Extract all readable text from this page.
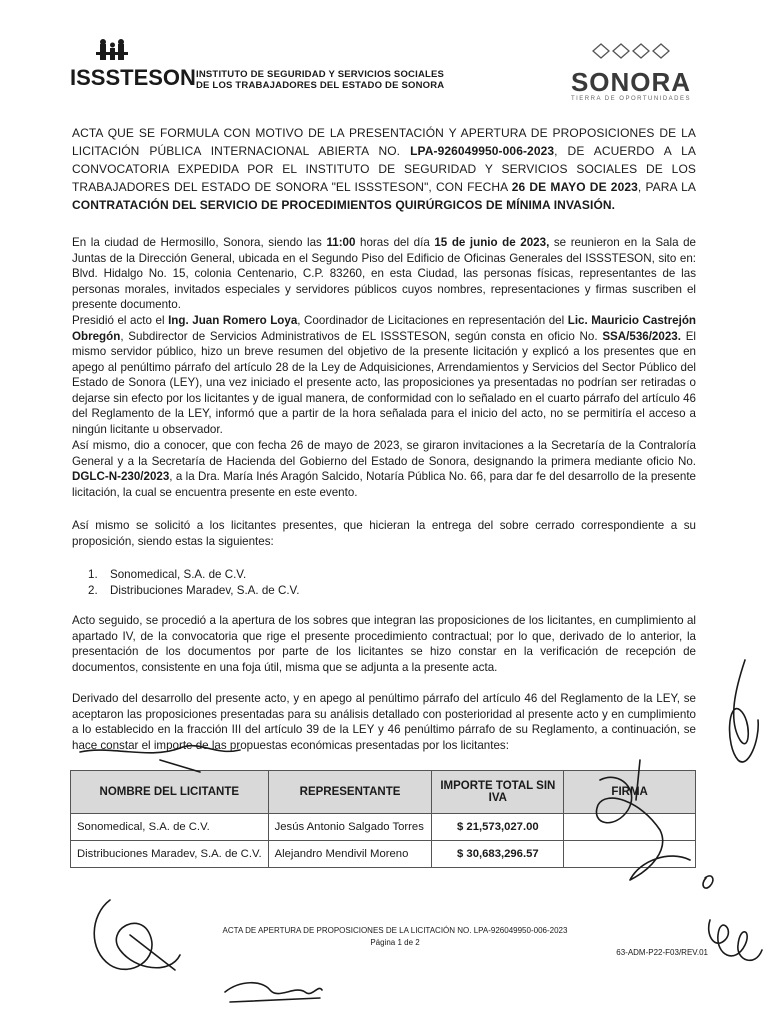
ISSSTESON INSTITUTO DE SEGURIDAD Y SERVICIOS SOCIALES
DE LOS TRABAJADORES DEL ESTADO DE SONORA	SONORA
TIERRA DE OPORTUNIDADES
ACTA QUE SE FORMULA CON MOTIVO DE LA PRESENTACIÓN Y APERTURA DE PROPOSICIONES DE LA LICITACIÓN PÚBLICA INTERNACIONAL ABIERTA NO. LPA-926049950-006-2023, DE ACUERDO A LA CONVOCATORIA EXPEDIDA POR EL INSTITUTO DE SEGURIDAD Y SERVICIOS SOCIALES DE LOS TRABAJADORES DEL ESTADO DE SONORA "EL ISSSTESON", CON FECHA 26 DE MAYO DE 2023, PARA LA CONTRATACIÓN DEL SERVICIO DE PROCEDIMIENTOS QUIRÚRGICOS DE MÍNIMA INVASIÓN.
En la ciudad de Hermosillo, Sonora, siendo las 11:00 horas del día 15 de junio de 2023, se reunieron en la Sala de Juntas de la Dirección General, ubicada en el Segundo Piso del Edificio de Oficinas Generales del ISSSTESON, sito en: Blvd. Hidalgo No. 15, colonia Centenario, C.P. 83260, en esta Ciudad, las personas físicas, representantes de las personas morales, invitados especiales y servidores públicos cuyos nombres, representaciones y firmas suscriben el presente documento.
Presidió el acto el Ing. Juan Romero Loya, Coordinador de Licitaciones en representación del Lic. Mauricio Castrejón Obregón, Subdirector de Servicios Administrativos de EL ISSSTESON, según consta en oficio No. SSA/536/2023. El mismo servidor público, hizo un breve resumen del objetivo de la presente licitación y explicó a los presentes que en apego al penúltimo párrafo del artículo 28 de la Ley de Adquisiciones, Arrendamientos y Servicios del Sector Público del Estado de Sonora (LEY), una vez iniciado el presente acto, las proposiciones ya presentadas no podrían ser retiradas o dejarse sin efecto por los licitantes y de igual manera, de conformidad con lo señalado en el cuarto párrafo del artículo 46 del Reglamento de la LEY, informó que a partir de la hora señalada para el inicio del acto, no se permitiría el acceso a ningún licitante u observador.
Así mismo, dio a conocer, que con fecha 26 de mayo de 2023, se giraron invitaciones a la Secretaría de la Contraloría General y a la Secretaría de Hacienda del Gobierno del Estado de Sonora, designando la primera mediante oficio No. DGLC-N-230/2023, a la Dra. María Inés Aragón Salcido, Notaría Pública No. 66, para dar fe del desarrollo de la presente licitación, la cual se encuentra presente en este evento.
Así mismo se solicitó a los licitantes presentes, que hicieran la entrega del sobre cerrado correspondiente a su proposición, siendo estas la siguientes:
1.	Sonomedical, S.A. de C.V.
2.	Distribuciones Maradev, S.A. de C.V.
Acto seguido, se procedió a la apertura de los sobres que integran las proposiciones de los licitantes, en cumplimiento al apartado IV, de la convocatoria que rige el presente procedimiento contractual; por lo que, derivado de lo anterior, la presentación de los documentos por parte de los licitantes se hizo constar en la verificación de recepción de documentos, consistente en una foja útil, misma que se adjunta a la presente acta.
Derivado del desarrollo del presente acto, y en apego al penúltimo párrafo del artículo 46 del Reglamento de la LEY, se aceptaron las proposiciones presentadas para su análisis detallado con posterioridad al presente acto y en cumplimiento a lo establecido en la fracción III del artículo 39 de la LEY y 46 penúltimo párrafo de su Reglamento, a continuación, se hace constar el importe de las propuestas económicas presentadas por los licitantes:
NOMBRE DEL LICITANTE	REPRESENTANTE	IMPORTE TOTAL SIN IVA	FIRMA
Sonomedical, S.A. de C.V.	Jesús Antonio Salgado Torres	$ 21,573,027.00	
Distribuciones Maradev, S.A. de C.V.	Alejandro Mendivil Moreno	$ 30,683,296.57	
ACTA DE APERTURA DE PROPOSICIONES DE LA LICITACIÓN NO. LPA-926049950-006-2023
Página 1 de 2
63-ADM-P22-F03/REV.01
